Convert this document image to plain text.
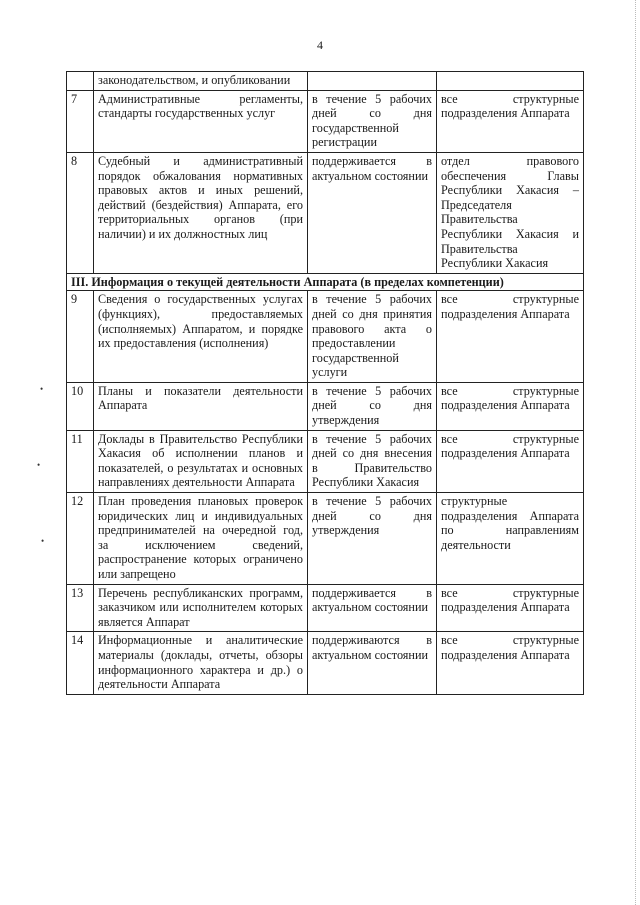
4
	законодательством, и опубликовании		
7	Административные регламенты, стандарты государственных услуг	в течение 5 рабочих дней со дня государственной регистрации	все структурные подразделения Аппарата
8	Судебный и административный порядок обжалования нормативных правовых актов и иных решений, действий (бездействия) Аппарата, его территориальных органов (при наличии) и их должностных лиц	поддерживается в актуальном состоянии	отдел правового обеспечения Главы Республики Хакасия – Председателя Правительства Республики Хакасия и Правительства Республики Хакасия
III. Информация о текущей деятельности Аппарата (в пределах компетенции)			
9	Сведения о государственных услугах (функциях), предоставляемых (исполняемых) Аппаратом, и порядке их предоставления (исполнения)	в течение 5 рабочих дней со дня принятия правового акта о предоставлении государственной услуги	все структурные подразделения Аппарата
10	Планы и показатели деятельности Аппарата	в течение 5 рабочих дней со дня утверждения	все структурные подразделения Аппарата
11	Доклады в Правительство Республики Хакасия об исполнении планов и показателей, о результатах и основных направлениях деятельности Аппарата	в течение 5 рабочих дней со дня внесения в Правительство Республики Хакасия	все структурные подразделения Аппарата
12	План проведения плановых проверок юридических лиц и индивидуальных предпринимателей на очередной год, за исключением сведений, распространение которых ограничено или запрещено	в течение 5 рабочих дней со дня утверждения	структурные подразделения Аппарата по направлениям деятельности
13	Перечень республиканских программ, заказчиком или исполнителем которых является Аппарат	поддерживается в актуальном состоянии	все структурные подразделения Аппарата
14	Информационные и аналитические материалы (доклады, отчеты, обзоры информационного характера и др.) о деятельности Аппарата	поддерживаются в актуальном состоянии	все структурные подразделения Аппарата
•
•
•
